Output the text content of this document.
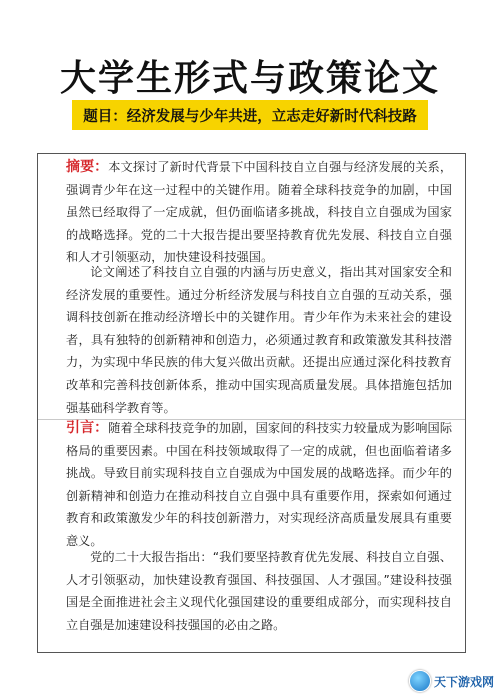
大学生形式与政策论文
题目：经济发展与少年共进，立志走好新时代科技路

摘要：本文探讨了新时代背景下中国科技自立自强与经济发展的关系，强调青少年在这一过程中的关键作用。随着全球科技竞争的加剧，中国虽然已经取得了一定成就，但仍面临诸多挑战，科技自立自强成为国家的战略选择。党的二十大报告提出要坚持教育优先发展、科技自立自强和人才引领驱动，加快建设科技强国。

论文阐述了科技自立自强的内涵与历史意义，指出其对国家安全和经济发展的重要性。通过分析经济发展与科技自立自强的互动关系，强调科技创新在推动经济增长中的关键作用。青少年作为未来社会的建设者，具有独特的创新精神和创造力，必须通过教育和政策激发其科技潜力，为实现中华民族的伟大复兴做出贡献。还提出应通过深化科技教育改革和完善科技创新体系，推动中国实现高质量发展。具体措施包括加强基础科学教育等。

引言：随着全球科技竞争的加剧，国家间的科技实力较量成为影响国际格局的重要因素。中国在科技领域取得了一定的成就，但也面临着诸多挑战。导致目前实现科技自立自强成为中国发展的战略选择。而少年的创新精神和创造力在推动科技自立自强中具有重要作用，探索如何通过教育和政策激发少年的科技创新潜力，对实现经济高质量发展具有重要意义。

党的二十大报告指出：“我们要坚持教育优先发展、科技自立自强、人才引领驱动，加快建设教育强国、科技强国、人才强国。”建设科技强国是全面推进社会主义现代化强国建设的重要组成部分，而实现科技自立自强是加速建设科技强国的必由之路。

天下游戏网
